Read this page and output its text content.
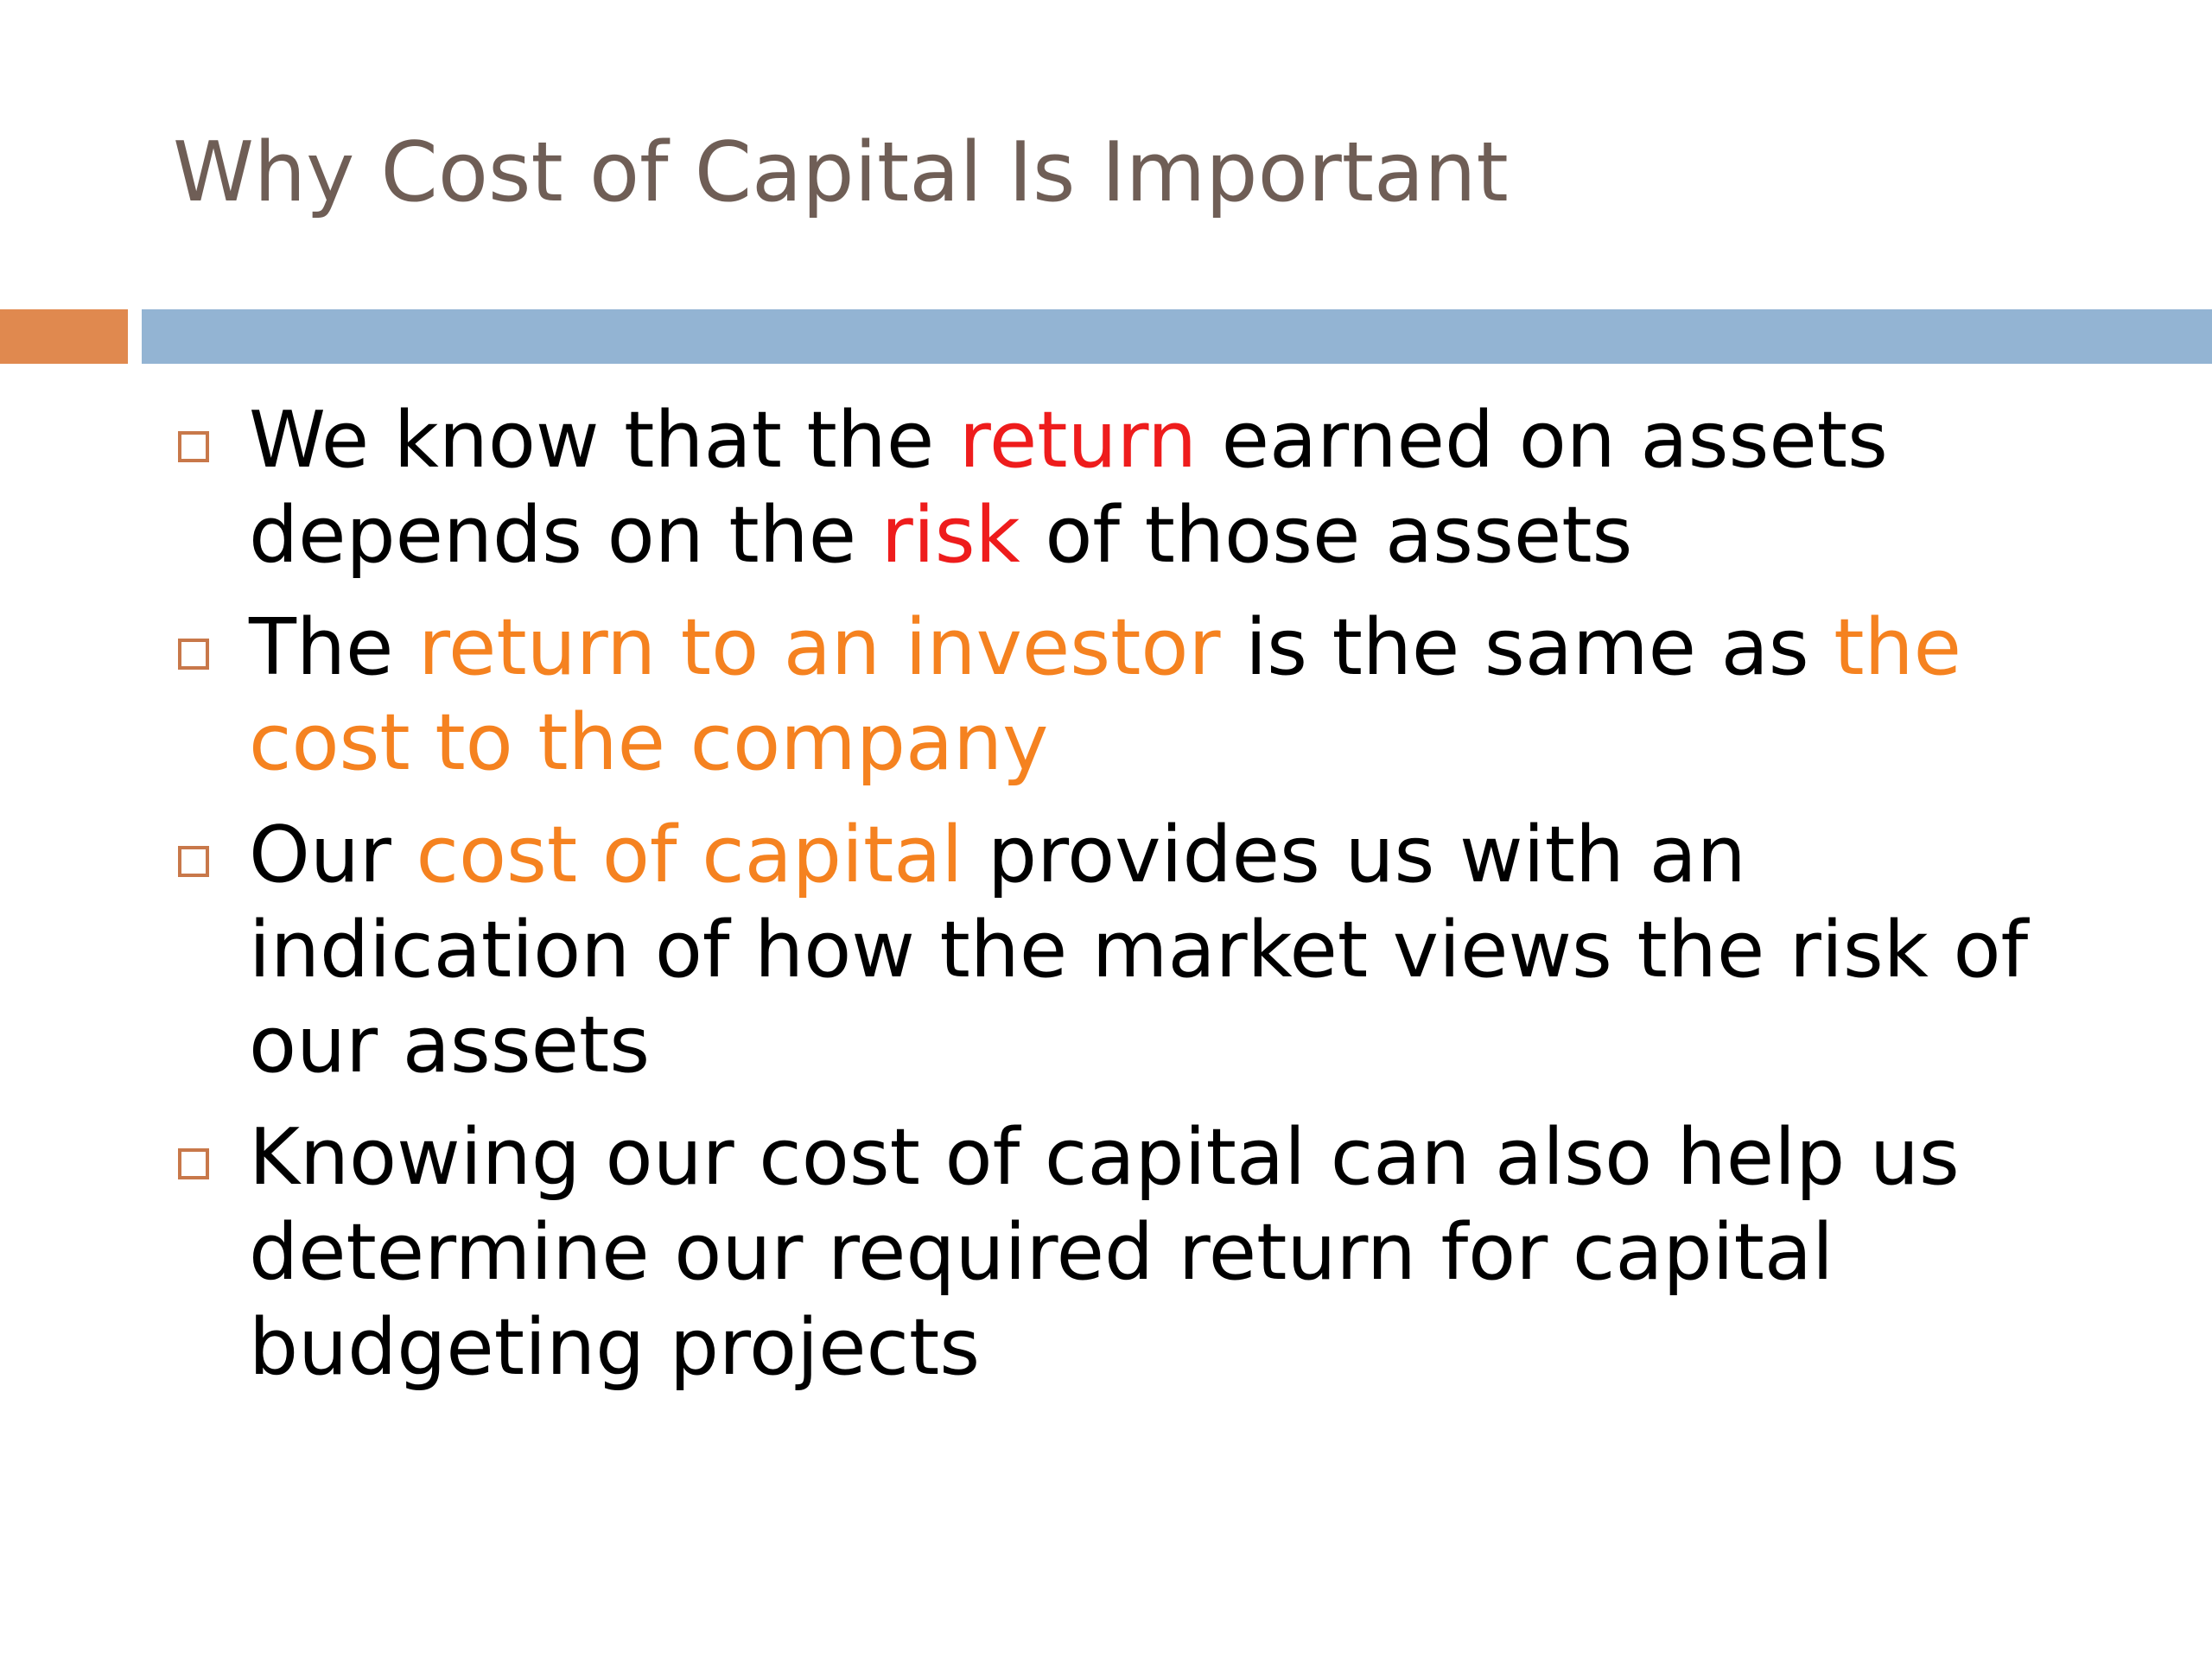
Why Cost of Capital Is Important
We know that the return earned on assets depends on the risk of those assets
The return to an investor is the same as the cost to the company
Our cost of capital provides us with an indication of how the market views the risk of our assets
Knowing our cost of capital can also help us determine our required return for capital budgeting projects
